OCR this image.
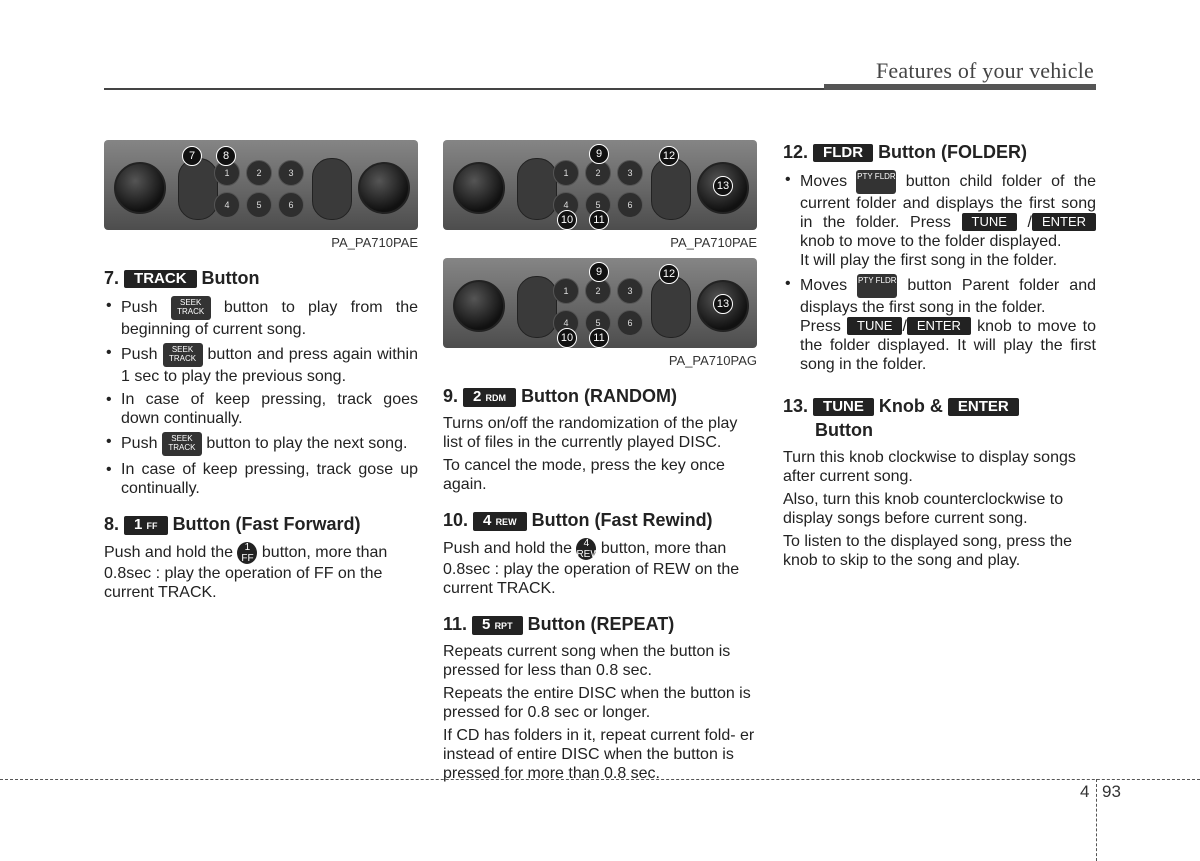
Features of your vehicle
1	2	3
4	5	6
7	8
PA_PA710PAE
7. TRACK Button
• Push	SEEK TRACK button to play from the beginning of current song.
• Push SEEK TRACK button and press again within 1 sec to play the previous song.
• In case of keep pressing, track goes down continually.
• Push SEEK TRACK button to play the next song.
• In case of keep pressing, track gose up continually.
8. 1 FF Button (Fast Forward)

Push and hold the 1 FF button, more than 0.8sec : play the operation of FF on the current TRACK.

1	2	3
4	5	6
9
10	11
12
13
PA_PA710PAE
1	2	3
4	5	6
9
10	11
12
13
PA_PA710PAG
9. 2 RDM Button (RANDOM)

Turns on/off the randomization of the play list of files in the currently played DISC.

To cancel the mode, press the key once again.

10. 4 REW Button (Fast Rewind)

Push and hold the 4 REW button, more than 0.8sec : play the operation of REW on the current TRACK.

11. 5 RPT Button (REPEAT)

Repeats current song when the button is pressed for less than 0.8 sec.

Repeats the entire DISC when the button is pressed for 0.8 sec or longer.

If CD has folders in it, repeat current fold- er instead of entire DISC when the button is pressed for more than 0.8 sec.

12. FLDR Button (FOLDER)
• Moves PTY FLDR button child folder of the current folder and displays the first song in the folder. Press TUNE / ENTER knob to move to the folder displayed.
It will play the first song in the folder.
• Moves PTY FLDR button Parent folder and displays the first song in the folder.
Press TUNE / ENTER knob to move to the folder displayed. It will play the first song in the folder.
13. TUNE Knob & ENTER
Button

Turn this knob clockwise to display songs after current song.

Also, turn this knob counterclockwise to display songs before current song.

To listen to the displayed song, press the knob to skip to the song and play.

4 93
